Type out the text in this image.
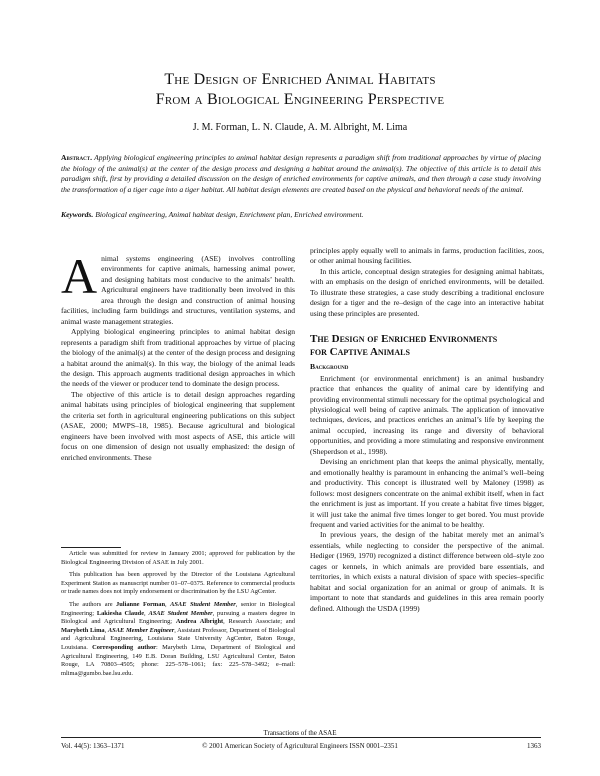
The Design of Enriched Animal Habitats
From a Biological Engineering Perspective
J. M. Forman, L. N. Claude, A. M. Albright, M. Lima
Abstract. Applying biological engineering principles to animal habitat design represents a paradigm shift from traditional approaches by virtue of placing the biology of the animal(s) at the center of the design process and designing a habitat around the animal(s). The objective of this article is to detail this paradigm shift, first by providing a detailed discussion on the design of enriched environments for captive animals, and then through a case study involving the transformation of a tiger cage into a tiger habitat. All habitat design elements are created based on the physical and behavioral needs of the animal.
Keywords. Biological engineering, Animal habitat design, Enrichment plan, Enriched environment.
A nimal systems engineering (ASE) involves controlling environments for captive animals, harnessing animal power, and designing habitats most conducive to the animals’ health. Agricultural engineers have traditionally been involved in this area through the design and construction of animal housing facilities, including farm buildings and structures, ventilation systems, and animal waste management strategies.

Applying biological engineering principles to animal habitat design represents a paradigm shift from traditional approaches by virtue of placing the biology of the animal(s) at the center of the design process and designing a habitat around the animal(s). In this way, the biology of the animal leads the design. This approach augments traditional design approaches in which the needs of the viewer or producer tend to dominate the design process.

The objective of this article is to detail design approaches regarding animal habitats using principles of biological engineering that supplement the criteria set forth in agricultural engineering publications on this subject (ASAE, 2000; MWPS–18, 1985). Because agricultural and biological engineers have been involved with most aspects of ASE, this article will focus on one dimension of design not usually emphasized: the design of enriched environments. These

Article was submitted for review in January 2001; approved for publication by the Biological Engineering Division of ASAE in July 2001.

This publication has been approved by the Director of the Louisiana Agricultural Experiment Station as manuscript number 01–07–0375. Reference to commercial products or trade names does not imply endorsement or discrimination by the LSU AgCenter.

The authors are Julianne Forman, ASAE Student Member, senior in Biological Engineering; Lakiesha Claude, ASAE Student Member, pursuing a masters degree in Biological and Agricultural Engineering; Andrea Albright, Research Associate; and Marybeth Lima, ASAE Member Engineer, Assistant Professor, Department of Biological and Agricultural Engineering, Louisiana State University AgCenter, Baton Rouge, Louisiana. Corresponding author: Marybeth Lima, Department of Biological and Agricultural Engineering, 149 E.B. Doran Building, LSU Agricultural Center, Baton Rouge, LA 70803–4505; phone: 225–578–1061; fax: 225–578–3492; e–mail: mlima@gumbo.bae.lsu.edu.

principles apply equally well to animals in farms, production facilities, zoos, or other animal housing facilities.

In this article, conceptual design strategies for designing animal habitats, with an emphasis on the design of enriched environments, will be detailed. To illustrate these strategies, a case study describing a traditional enclosure design for a tiger and the re–design of the cage into an interactive habitat using these principles are presented.

The Design of Enriched Environments
for Captive Animals
Background

Enrichment (or environmental enrichment) is an animal husbandry practice that enhances the quality of animal care by identifying and providing environmental stimuli necessary for the optimal psychological and physiological well being of captive animals. The application of innovative techniques, devices, and practices enriches an animal’s life by keeping the animal occupied, increasing its range and diversity of behavioral opportunities, and providing a more stimulating and responsive environment (Sheperdson et al., 1998).

Devising an enrichment plan that keeps the animal physically, mentally, and emotionally healthy is paramount in enhancing the animal’s well–being and productivity. This concept is illustrated well by Maloney (1998) as follows: most designers concentrate on the animal exhibit itself, when in fact the enrichment is just as important. If you create a habitat five times bigger, it will just take the animal five times longer to get bored. You must provide frequent and varied activities for the animal to be healthy.

In previous years, the design of the habitat merely met an animal’s essentials, while neglecting to consider the perspective of the animal. Hediger (1969, 1970) recognized a distinct difference between old–style zoo cages or kennels, in which animals are provided bare essentials, and territories, in which exists a natural division of space with species–specific habitat and social organization for an animal or group of animals. It is important to note that standards and guidelines in this area remain poorly defined. Although the USDA (1999)

Transactions of the ASAE
Vol. 44(5): 1363–1371	© 2001 American Society of Agricultural Engineers ISSN 0001–2351	1363
